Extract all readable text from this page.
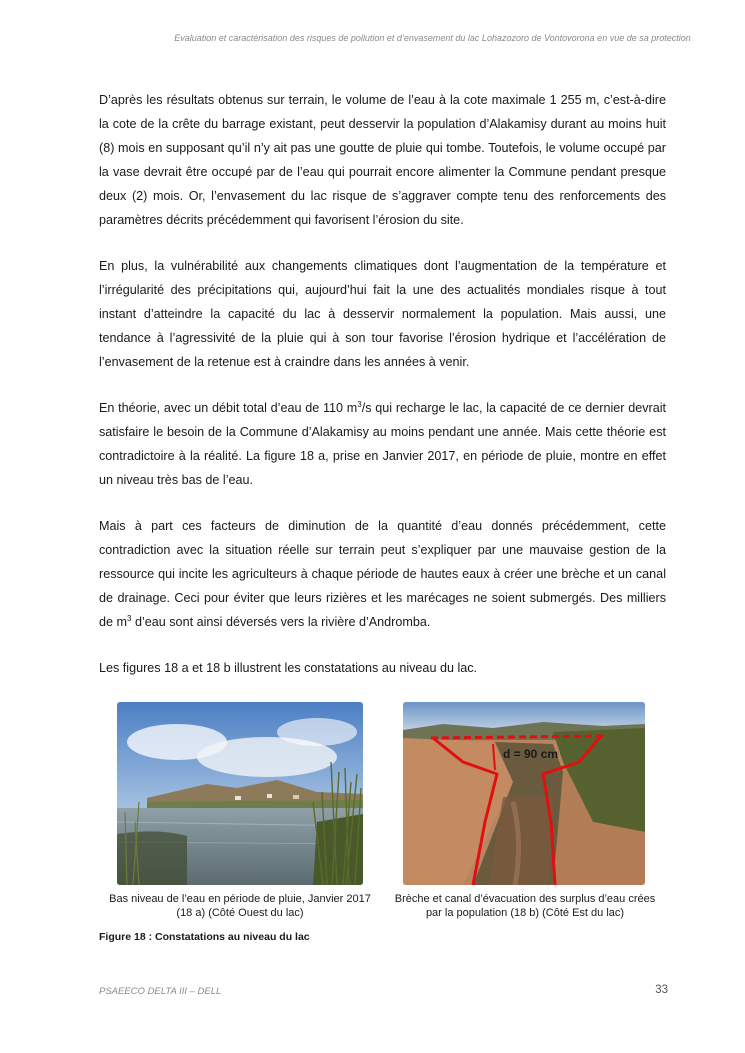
Evaluation et caractérisation des risques de pollution et d’envasement du lac Lohazozoro de Vontovorona en vue de sa protection

D’après les résultats obtenus sur terrain, le volume de l’eau à la cote maximale 1 255 m, c’est-à-dire la cote de la crête du barrage existant, peut desservir la population d’Alakamisy durant au moins huit (8) mois en supposant qu’il n’y ait pas une goutte de pluie qui tombe. Toutefois, le volume occupé par la vase devrait être occupé par de l’eau qui pourrait encore alimenter la Commune pendant presque deux (2) mois. Or, l’envasement du lac risque de s’aggraver compte tenu des renforcements des paramètres décrits précédemment qui favorisent l’érosion du site.

En plus, la vulnérabilité aux changements climatiques dont l’augmentation de la température et l’irrégularité des précipitations qui, aujourd’hui fait la une des actualités mondiales risque à tout instant d’atteindre la capacité du lac à desservir normalement la population. Mais aussi, une tendance à l’agressivité de la pluie qui à son tour favorise l’érosion hydrique et l’accélération de l’envasement de la retenue est à craindre dans les années à venir.

En théorie, avec un débit total d’eau de 110 $m^3/s$ qui recharge le lac, la capacité de ce dernier devrait satisfaire le besoin de la Commune d’Alakamisy au moins pendant une année. Mais cette théorie est contradictoire à la réalité. La figure 18 a, prise en Janvier 2017, en période de pluie, montre en effet un niveau très bas de l’eau.

Mais à part ces facteurs de diminution de la quantité d’eau donnés précédemment, cette contradiction avec la situation réelle sur terrain peut s’expliquer par une mauvaise gestion de la ressource qui incite les agriculteurs à chaque période de hautes eaux à créer une brèche et un canal de drainage. Ceci pour éviter que leurs rizières et les marécages ne soient submergés. Des milliers de $m^3$ d’eau sont ainsi déversés vers la rivière d’Andromba.

Les figures 18 a et 18 b illustrent les constatations au niveau du lac.

d = 90 cm
Bas niveau de l’eau en période de pluie, Janvier 2017
(18 a) (Côté Ouest du lac)
Brèche et canal d’évacuation des surplus d’eau crées
par la population (18 b) (Côté Est du lac)
Figure 18 : Constatations au niveau du lac
PSAEECO DELTA III – DELL	33
